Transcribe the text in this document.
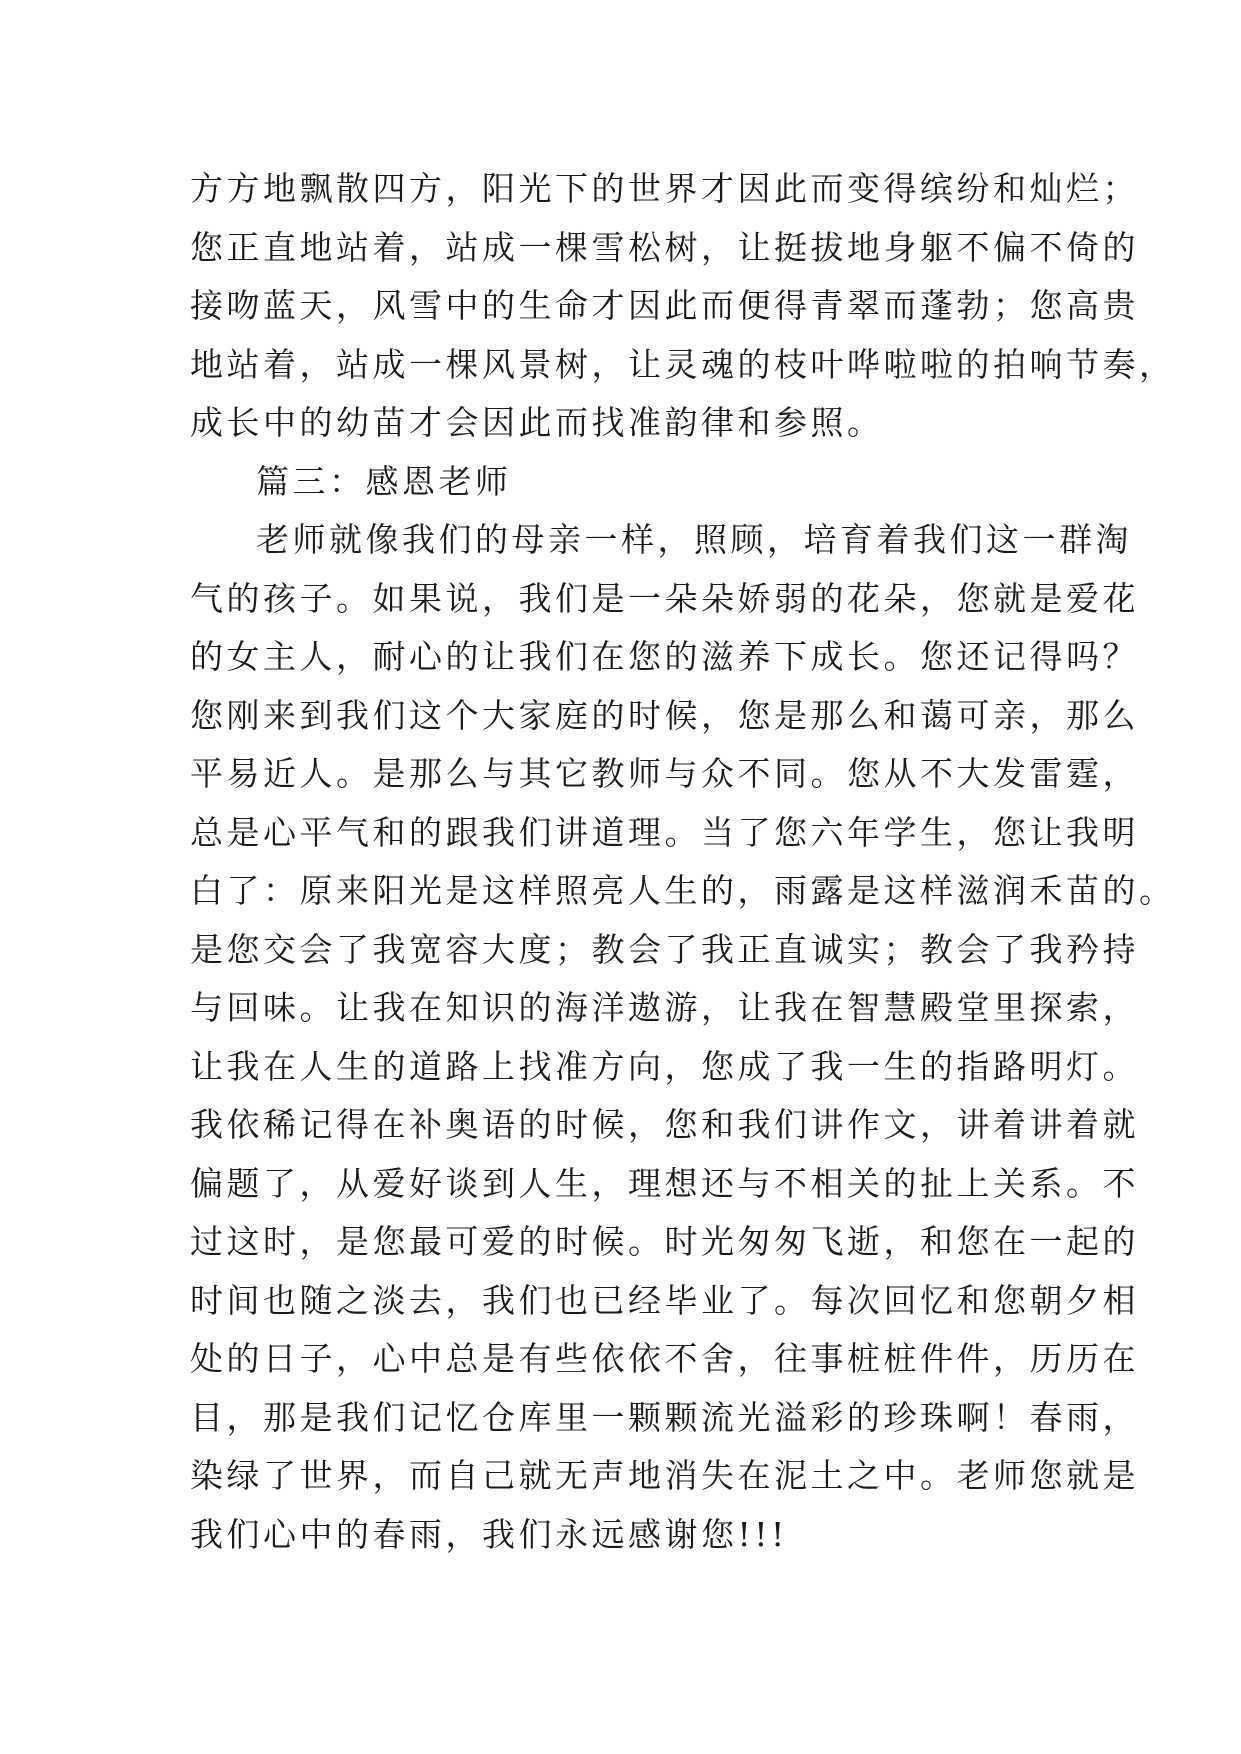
方方地飘散四方，阳光下的世界才因此而变得缤纷和灿烂；
您正直地站着，站成一棵雪松树，让挺拔地身躯不偏不倚的
接吻蓝天，风雪中的生命才因此而便得青翠而蓬勃；您高贵
地站着，站成一棵风景树，让灵魂的枝叶哗啦啦的拍响节奏，
成长中的幼苗才会因此而找准韵律和参照。
篇三：感恩老师
老师就像我们的母亲一样，照顾，培育着我们这一群淘
气的孩子。如果说，我们是一朵朵娇弱的花朵，您就是爱花
的女主人，耐心的让我们在您的滋养下成长。您还记得吗？
您刚来到我们这个大家庭的时候，您是那么和蔼可亲，那么
平易近人。是那么与其它教师与众不同。您从不大发雷霆，
总是心平气和的跟我们讲道理。当了您六年学生，您让我明
白了：原来阳光是这样照亮人生的，雨露是这样滋润禾苗的。
是您交会了我宽容大度；教会了我正直诚实；教会了我矜持
与回味。让我在知识的海洋遨游，让我在智慧殿堂里探索，
让我在人生的道路上找准方向，您成了我一生的指路明灯。
我依稀记得在补奥语的时候，您和我们讲作文，讲着讲着就
偏题了，从爱好谈到人生，理想还与不相关的扯上关系。不
过这时，是您最可爱的时候。时光匆匆飞逝，和您在一起的
时间也随之淡去，我们也已经毕业了。每次回忆和您朝夕相
处的日子，心中总是有些依依不舍，往事桩桩件件，历历在
目，那是我们记忆仓库里一颗颗流光溢彩的珍珠啊！春雨，
染绿了世界，而自己就无声地消失在泥土之中。老师您就是
我们心中的春雨，我们永远感谢您!!!
